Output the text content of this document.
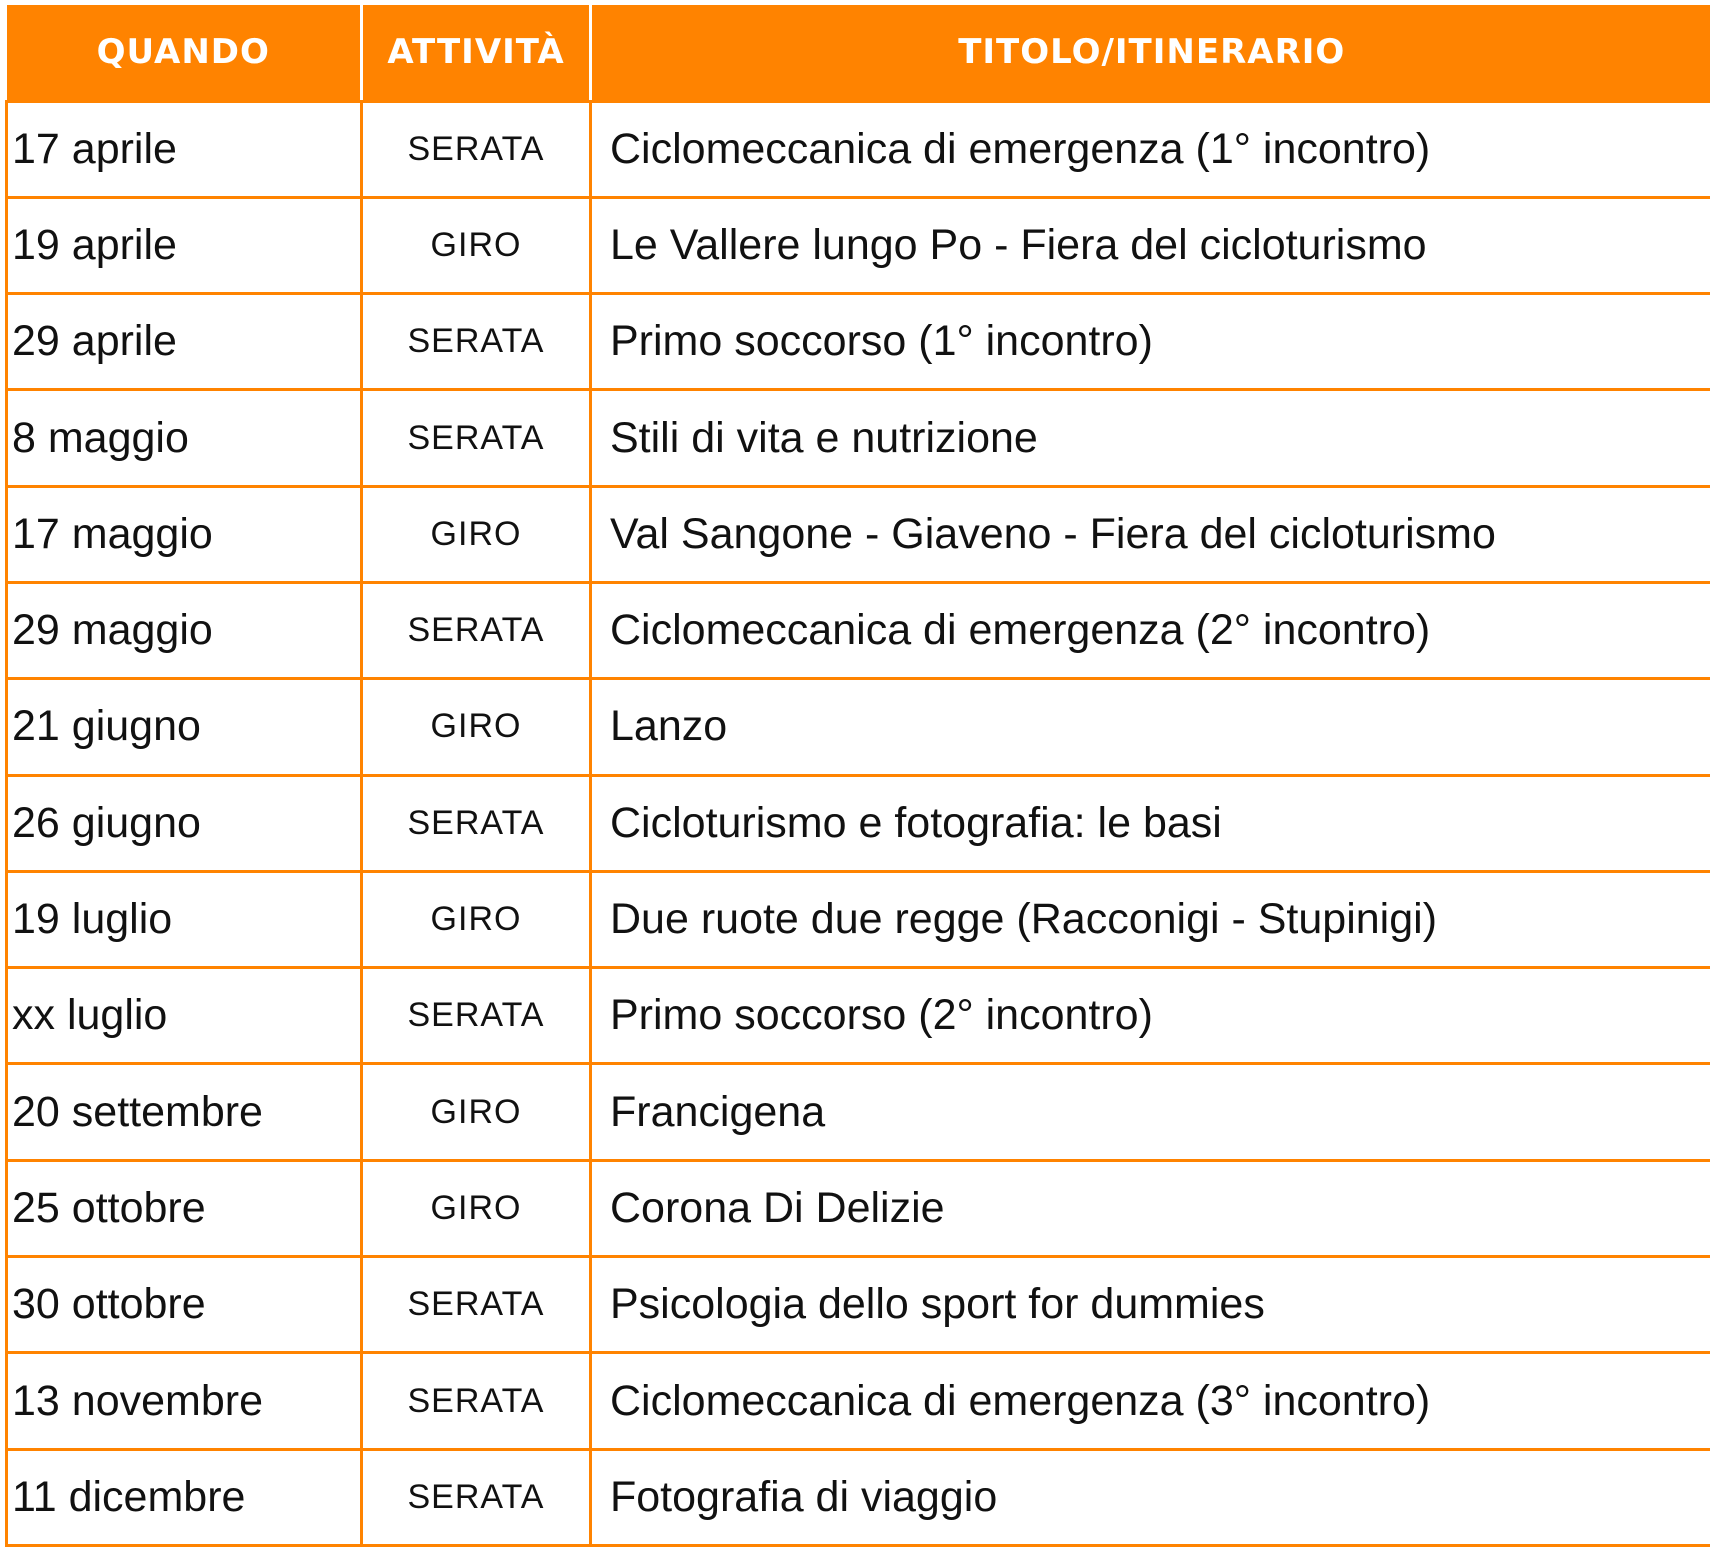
QUANDO	ATTIVITÀ	TITOLO/ITINERARIO
17 aprile	SERATA	Ciclomeccanica di emergenza (1° incontro)
19 aprile	GIRO	Le Vallere lungo Po - Fiera del cicloturismo
29 aprile	SERATA	Primo soccorso (1° incontro)
8 maggio	SERATA	Stili di vita e nutrizione
17 maggio	GIRO	Val Sangone - Giaveno - Fiera del cicloturismo
29 maggio	SERATA	Ciclomeccanica di emergenza (2° incontro)
21 giugno	GIRO	Lanzo
26 giugno	SERATA	Cicloturismo e fotografia: le basi
19 luglio	GIRO	Due ruote due regge (Racconigi - Stupinigi)
xx luglio	SERATA	Primo soccorso (2° incontro)
20 settembre	GIRO	Francigena
25 ottobre	GIRO	Corona Di Delizie
30 ottobre	SERATA	Psicologia dello sport for dummies
13 novembre	SERATA	Ciclomeccanica di emergenza (3° incontro)
11 dicembre	SERATA	Fotografia di viaggio
